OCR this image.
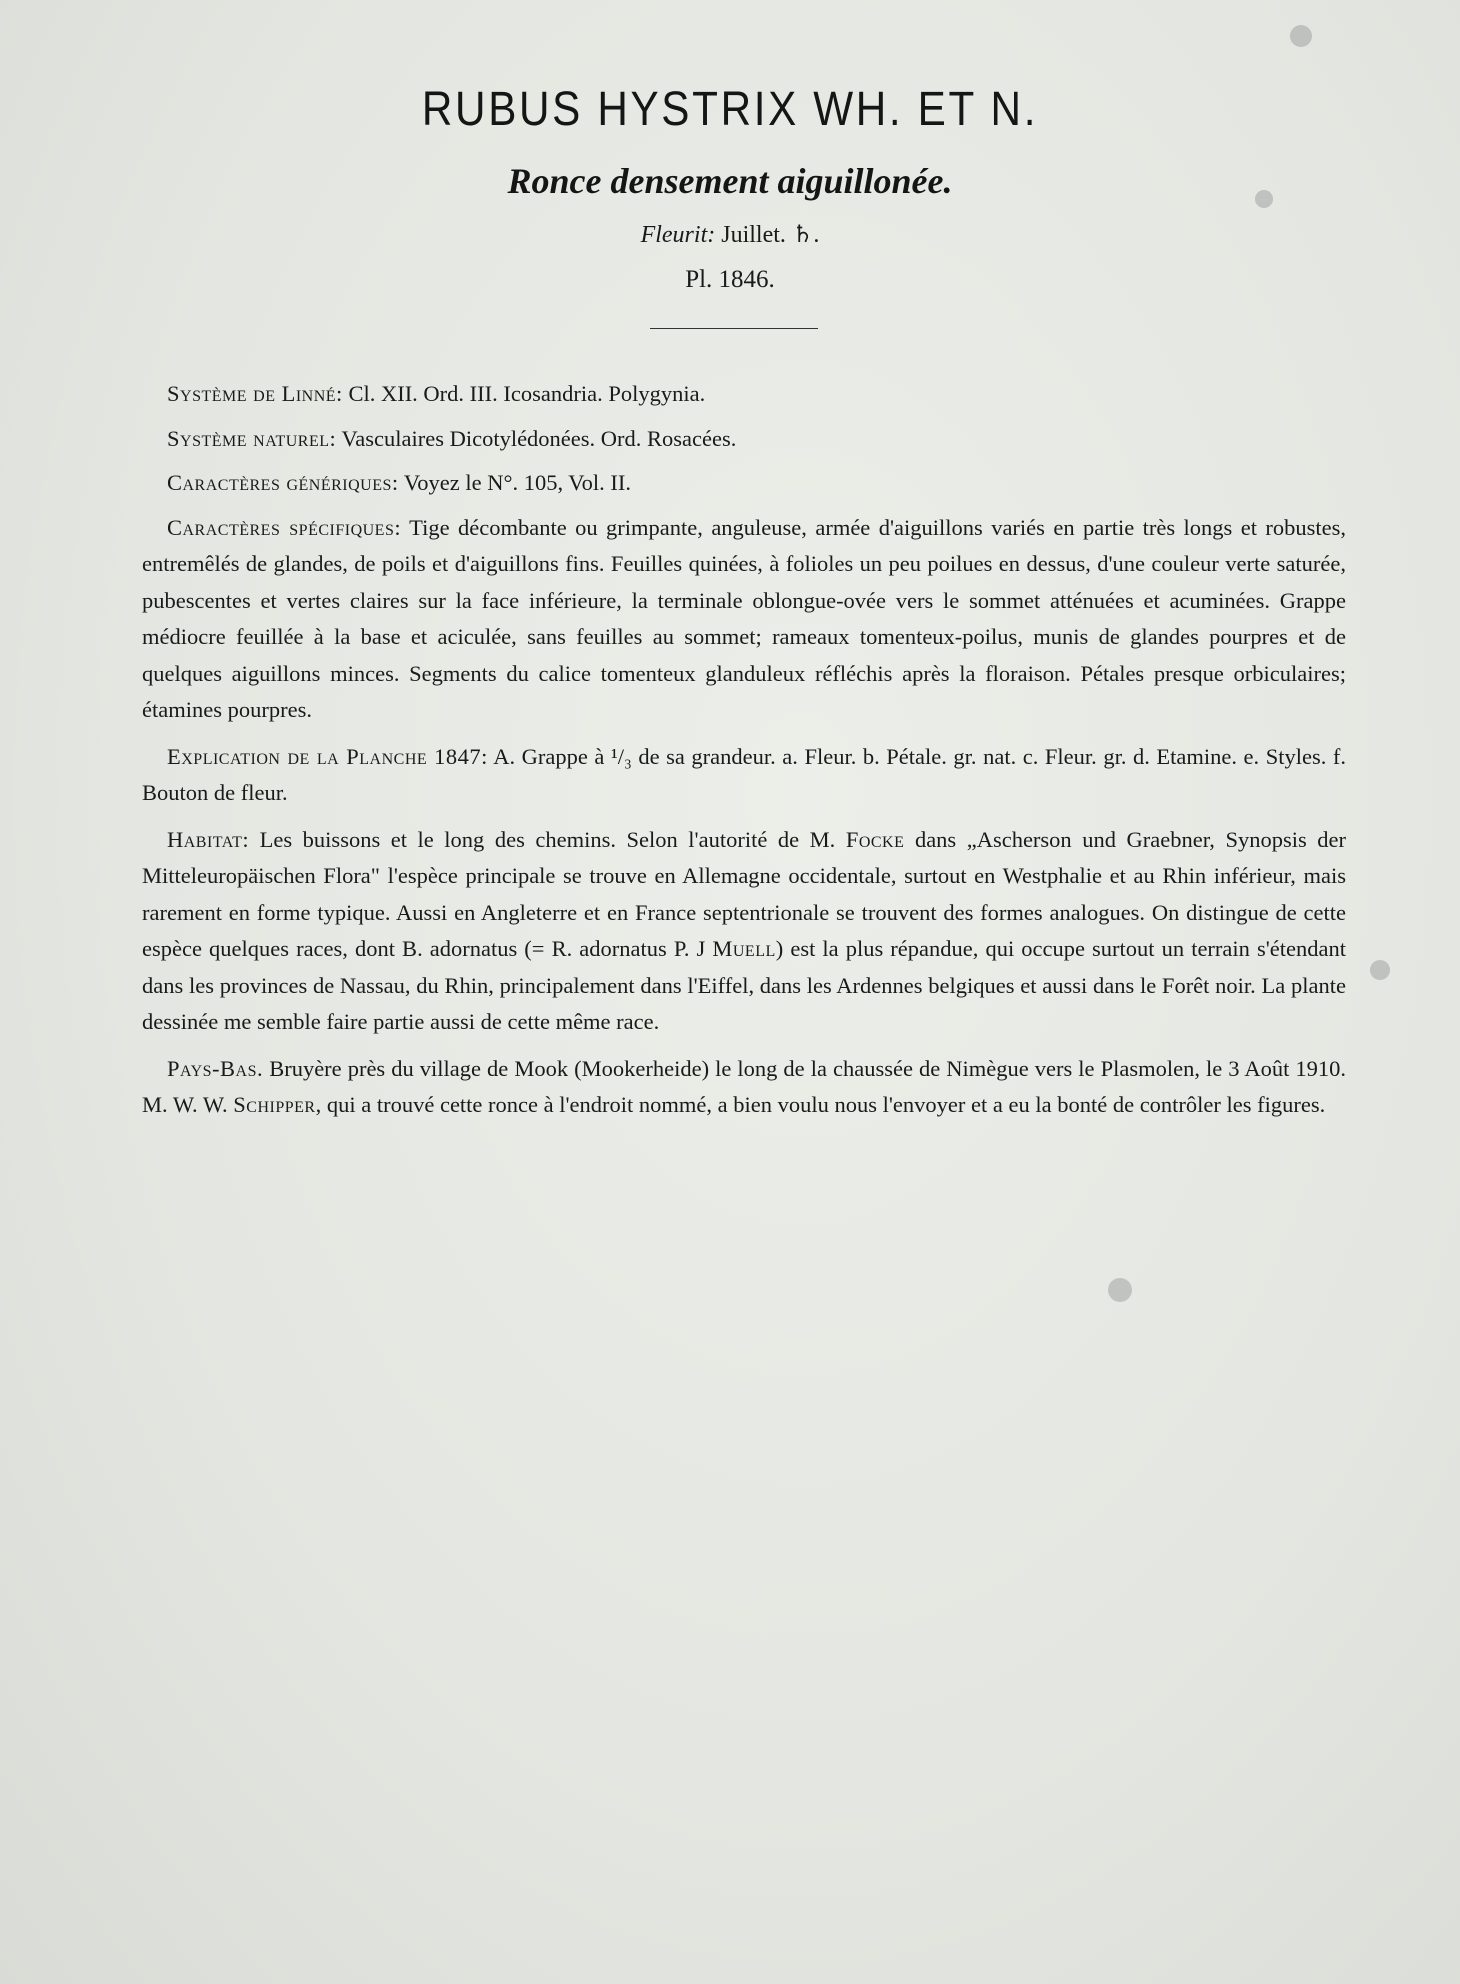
RUBUS HYSTRIX WH. ET N.
Ronce densement aiguillonée.
Fleurit: Juillet. ♄.
Pl. 1846.

Système de Linné: Cl. XII. Ord. III. Icosandria. Polygynia.

Système naturel: Vasculaires Dicotylédonées. Ord. Rosacées.

Caractères génériques: Voyez le N°. 105, Vol. II.

Caractères spécifiques: Tige décombante ou grimpante, anguleuse, armée d'aiguillons variés en partie très longs et robustes, entremêlés de glandes, de poils et d'aiguillons fins. Feuilles quinées, à folioles un peu poilues en dessus, d'une couleur verte saturée, pubescentes et vertes claires sur la face inférieure, la terminale oblongue-ovée vers le sommet atténuées et acuminées. Grappe médiocre feuillée à la base et aciculée, sans feuilles au sommet; rameaux tomenteux-poilus, munis de glandes pourpres et de quelques aiguillons minces. Segments du calice tomenteux glanduleux réfléchis après la floraison. Pétales presque orbiculaires; étamines pourpres.

Explication de la Planche 1847: A. Grappe à ¹/₃ de sa grandeur. a. Fleur. b. Pétale. gr. nat. c. Fleur. gr. d. Etamine. e. Styles. f. Bouton de fleur.

Habitat: Les buissons et le long des chemins. Selon l'autorité de M. Focke dans „Ascherson und Graebner, Synopsis der Mitteleuropäischen Flora" l'espèce principale se trouve en Allemagne occidentale, surtout en Westphalie et au Rhin inférieur, mais rarement en forme typique. Aussi en Angleterre et en France septentrionale se trouvent des formes analogues. On distingue de cette espèce quelques races, dont B. adornatus (= R. adornatus P. J Muell) est la plus répandue, qui occupe surtout un terrain s'étendant dans les provinces de Nassau, du Rhin, principalement dans l'Eiffel, dans les Ardennes belgiques et aussi dans le Forêt noir. La plante dessinée me semble faire partie aussi de cette même race.

Pays-Bas. Bruyère près du village de Mook (Mookerheide) le long de la chaussée de Nimègue vers le Plasmolen, le 3 Août 1910. M. W. W. Schipper, qui a trouvé cette ronce à l'endroit nommé, a bien voulu nous l'envoyer et a eu la bonté de contrôler les figures.
